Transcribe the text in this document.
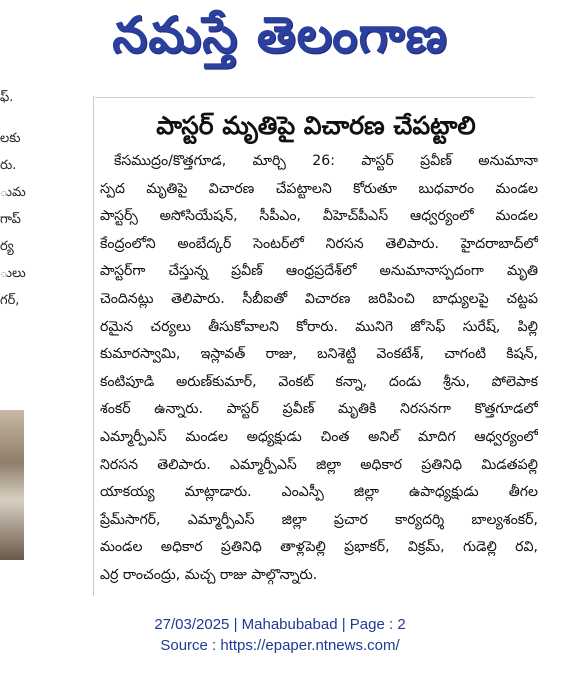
నమస్తే తెలంగాణ
ఫ్.
లకు
రు.
ుమ
గాప్
ర్య
ులు
గర్,
పాస్టర్ మృతిపై విచారణ చేపట్టాలి
కేసముద్రం/కొత్తగూడ, మార్చి 26: పాస్టర్ ప్రవీణ్ అనుమానా
స్పద మృతిపై విచారణ చేపట్టాలని కోరుతూ బుధవారం మండల
పాస్టర్స్ అసోసియేషన్, సీపీఎం, వీహెచ్‌పీఎస్ ఆధ్వర్యంలో మండల
కేంద్రంలోని అంబేద్కర్ సెంటర్‌లో నిరసన తెలిపారు. హైదరాబాద్‌లో
పాస్టర్‌గా చేస్తున్న ప్రవీణ్ ఆంధ్రప్రదేశ్‌లో అనుమానాస్పదంగా మృతి
చెందినట్లు తెలిపారు. సీబీఐతో విచారణ జరిపించి బాధ్యులపై చట్టప
రమైన చర్యలు తీసుకోవాలని కోరారు. మునిగె జోసెఫ్ సురేష్, పిల్లి
కుమారస్వామి, ఇస్లావత్ రాజు, బనిశెట్టి వెంకటేశ్, చాగంటి కిషన్,
కంటిపూడి అరుణ్‌కుమార్, వెంకట్ కన్నా, దండు శ్రీను, పోలెపాక
శంకర్ ఉన్నారు. పాస్టర్ ప్రవీణ్ మృతికి నిరసనగా కొత్తగూడలో
ఎమ్మార్పీఎస్ మండల అధ్యక్షుడు చింత అనిల్ మాదిగ ఆధ్వర్యంలో
నిరసన తెలిపారు. ఎమ్మార్పీఎస్ జిల్లా అధికార ప్రతినిధి మిడతపల్లి
యాకయ్య మాట్లాడారు. ఎంఎస్పీ జిల్లా ఉపాధ్యక్షుడు తీగల
ప్రేమ్‌సాగర్, ఎమ్మార్పీఎస్ జిల్లా ప్రచార కార్యదర్శి బాల్యశంకర్,
మండల అధికార ప్రతినిధి తాళ్లపెల్లి ప్రభాకర్, విక్రమ్, గుడెల్లి రవి,
ఎర్ర రాంచంద్రు, మచ్చ రాజు పాల్గొన్నారు.
27/03/2025 | Mahabubabad | Page : 2
Source : https://epaper.ntnews.com/
